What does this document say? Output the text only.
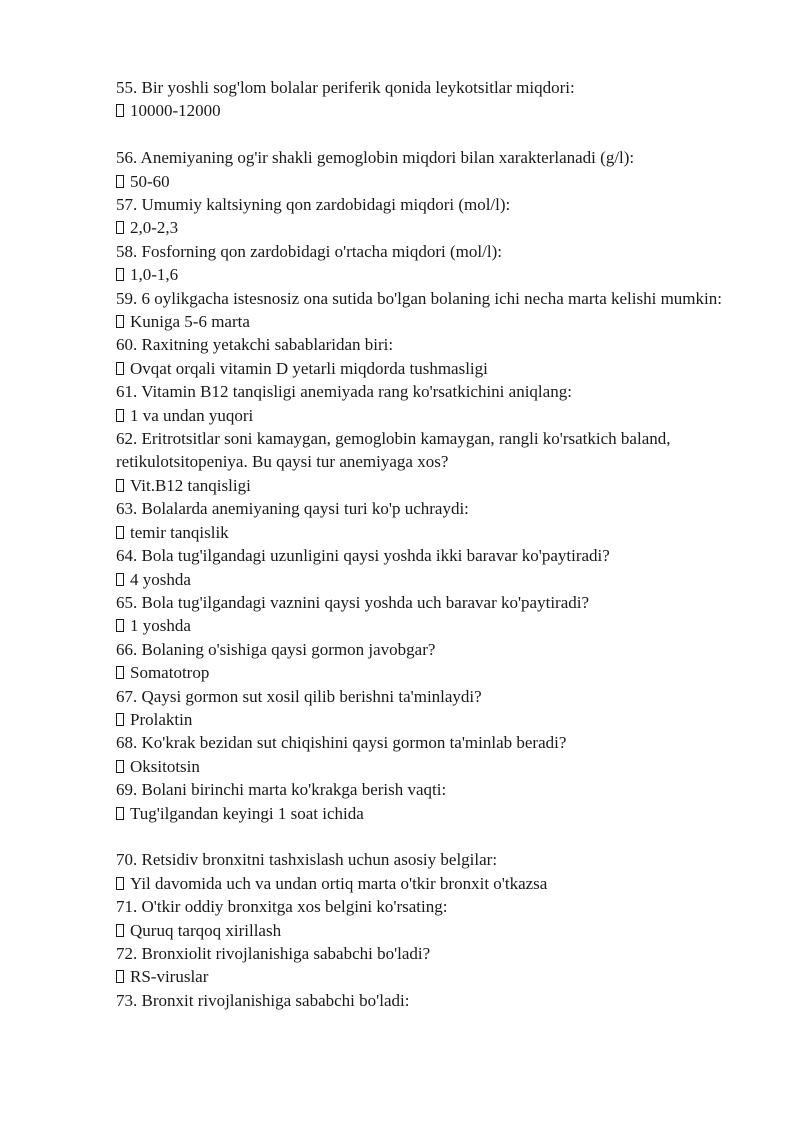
55. Bir yoshli sog'lom bolalar periferik qonida leykotsitlar miqdori:

10000-12000

56. Anemiyaning og'ir shakli gemoglobin miqdori bilan xarakterlanadi (g/l):

50-60

57. Umumiy kaltsiyning qon zardobidagi miqdori (mol/l):

2,0-2,3

58. Fosforning qon zardobidagi o'rtacha miqdori (mol/l):

1,0-1,6

59. 6 oylikgacha istesnosiz ona sutida bo'lgan bolaning ichi necha marta kelishi mumkin:

Kuniga 5-6 marta

60. Raxitning yetakchi sabablaridan biri:

Ovqat orqali vitamin D yetarli miqdorda tushmasligi

61. Vitamin B12 tanqisligi anemiyada rang ko'rsatkichini aniqlang:

1 va undan yuqori

62. Eritrotsitlar soni kamaygan, gemoglobin kamaygan, rangli ko'rsatkich baland, retikulotsitopeniya. Bu qaysi tur anemiyaga xos?

Vit.B12 tanqisligi

63. Bolalarda anemiyaning qaysi turi ko'p uchraydi:

temir tanqislik

64. Bola tug'ilgandagi uzunligini qaysi yoshda ikki baravar ko'paytiradi?

4 yoshda

65. Bola tug'ilgandagi vaznini qaysi yoshda uch baravar ko'paytiradi?

1 yoshda

66. Bolaning o'sishiga qaysi gormon javobgar?

Somatotrop

67. Qaysi gormon sut xosil qilib berishni ta'minlaydi?

Prolaktin

68. Ko'krak bezidan sut chiqishini qaysi gormon ta'minlab beradi?

Oksitotsin

69. Bolani birinchi marta ko'krakga berish vaqti:

Tug'ilgandan keyingi 1 soat ichida

70. Retsidiv bronxitni tashxislash uchun asosiy belgilar:

Yil davomida uch va undan ortiq marta o'tkir bronxit o'tkazsa

71. O'tkir oddiy bronxitga xos belgini ko'rsating:

Quruq tarqoq xirillash

72. Bronxiolit rivojlanishiga sababchi bo'ladi?

RS-viruslar

73. Bronxit rivojlanishiga sababchi bo'ladi:
